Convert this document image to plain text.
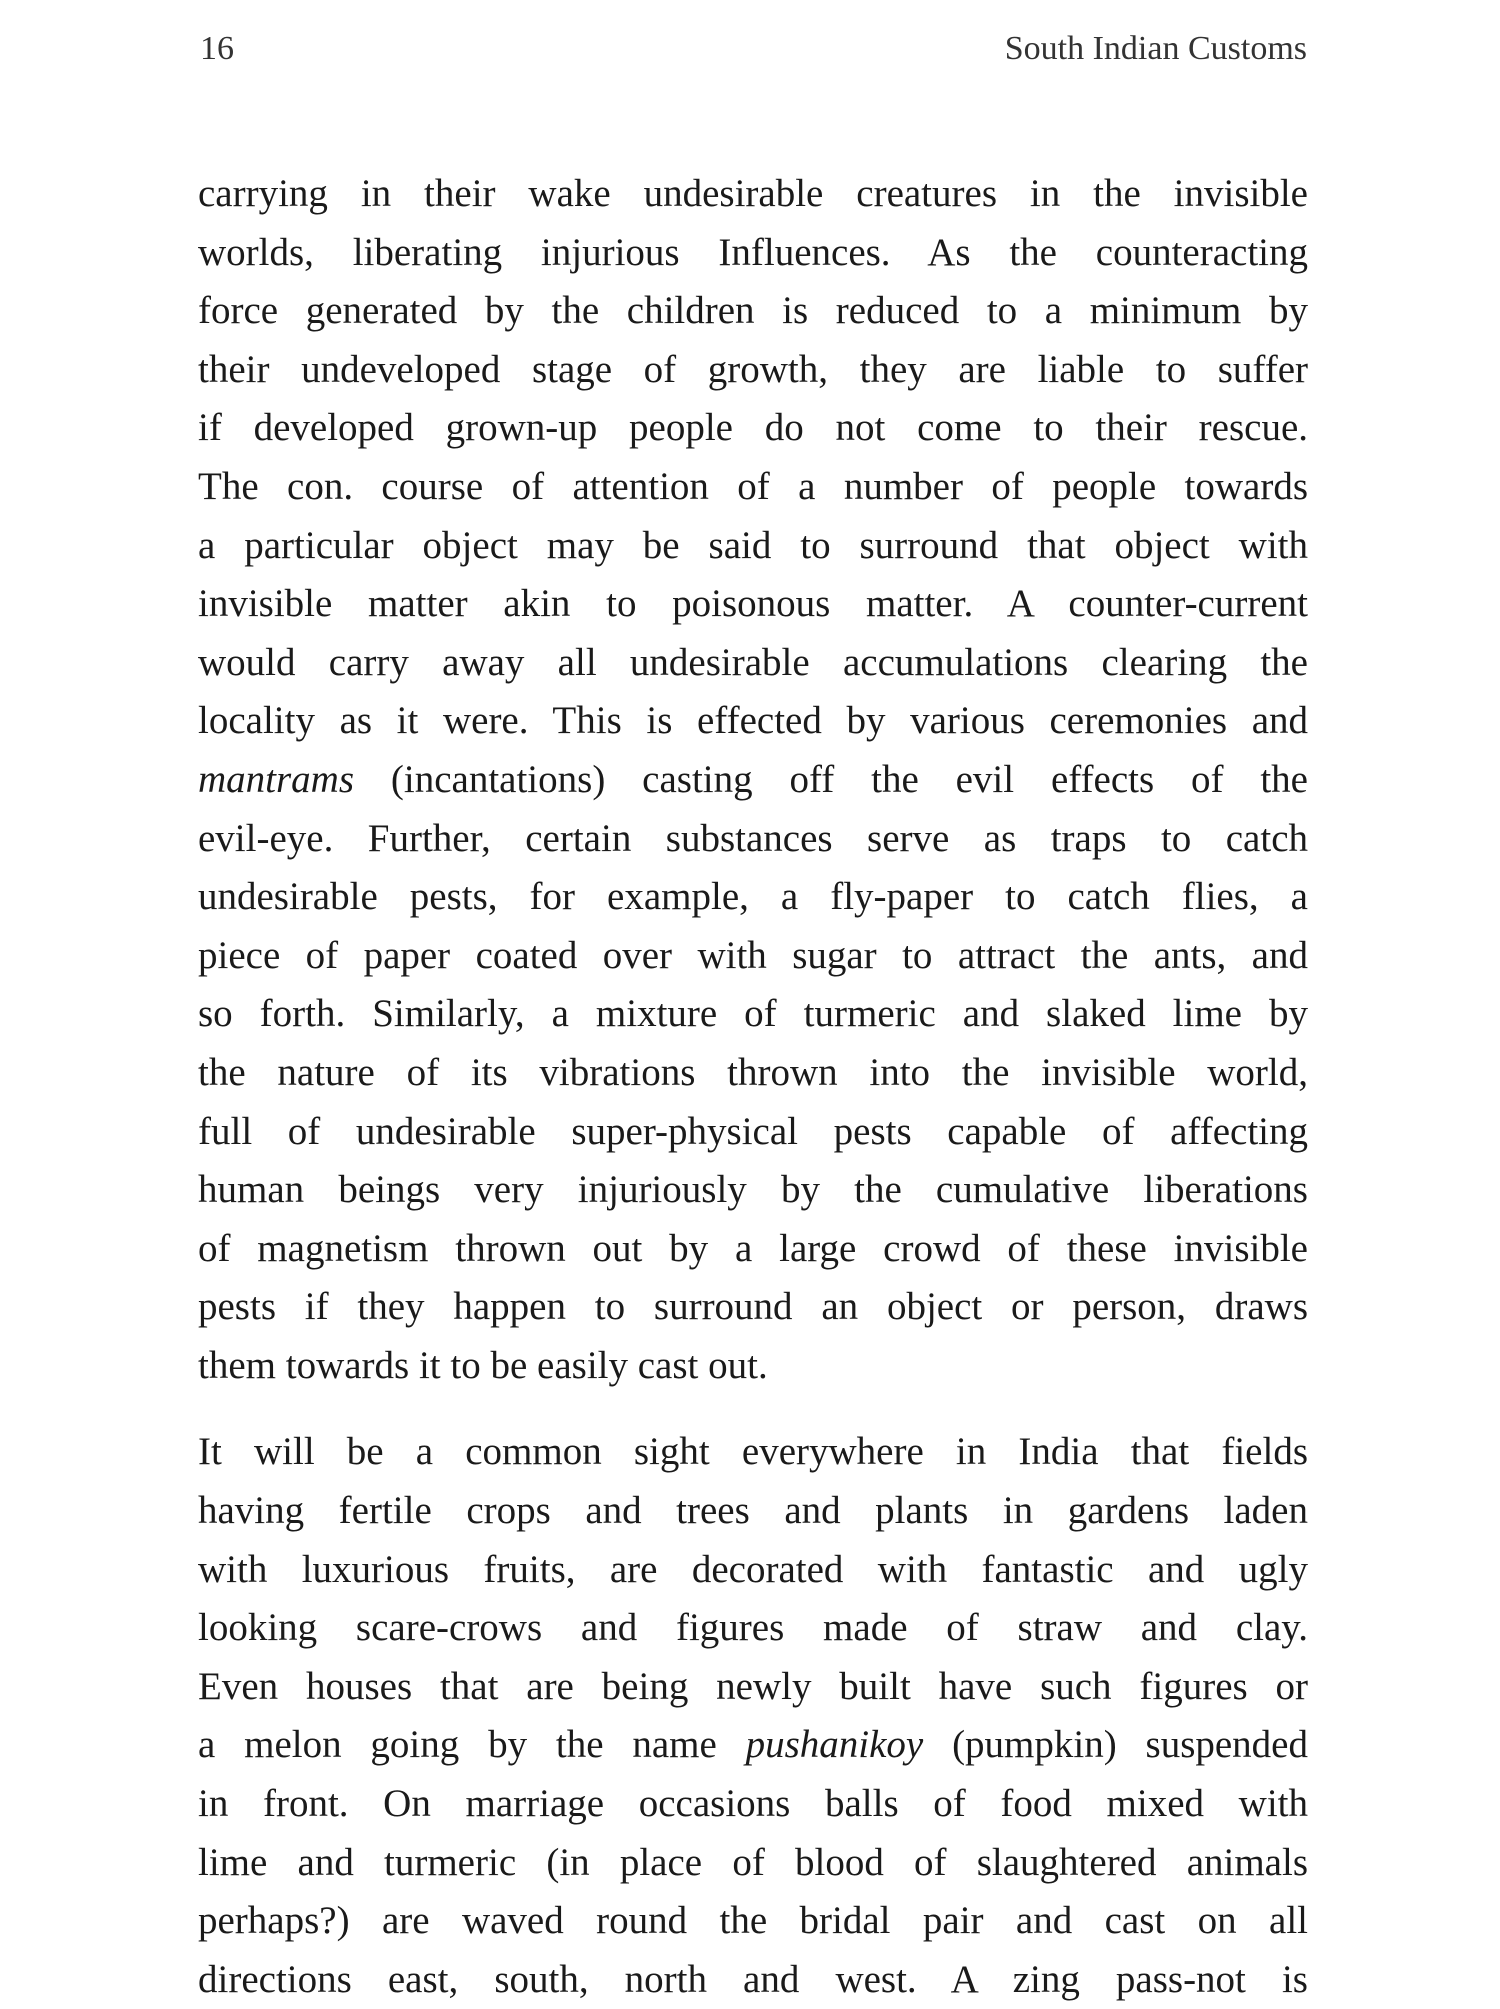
16	South Indian Customs
carrying in their wake undesirable creatures in the invisible
worlds, liberating injurious Influences. As the counteracting
force generated by the children is reduced to a minimum by
their undeveloped stage of growth, they are liable to suffer
if developed grown-up people do not come to their rescue.
The con. course of attention of a number of people towards
a particular object may be said to surround that object with
invisible matter akin to poisonous matter. A counter-current
would carry away all undesirable accumulations clearing the
locality as it were. This is effected by various ceremonies and
mantrams (incantations) casting off the evil effects of the
evil-eye. Further, certain substances serve as traps to catch
undesirable pests, for example, a fly-paper to catch flies, a
piece of paper coated over with sugar to attract the ants, and
so forth. Similarly, a mixture of turmeric and slaked lime by
the nature of its vibrations thrown into the invisible world,
full of undesirable super-physical pests capable of affecting
human beings very injuriously by the cumulative liberations
of magnetism thrown out by a large crowd of these invisible
pests if they happen to surround an object or person, draws
them towards it to be easily cast out.
It will be a common sight everywhere in India that fields
having fertile crops and trees and plants in gardens laden
with luxurious fruits, are decorated with fantastic and ugly
looking scare-crows and figures made of straw and clay.
Even houses that are being newly built have such figures or
a melon going by the name pushanikoy (pumpkin) suspended
in front. On marriage occasions balls of food mixed with
lime and turmeric (in place of blood of slaughtered animals
perhaps?) are waved round the bridal pair and cast on all
directions east, south, north and west. A zing pass-not is
